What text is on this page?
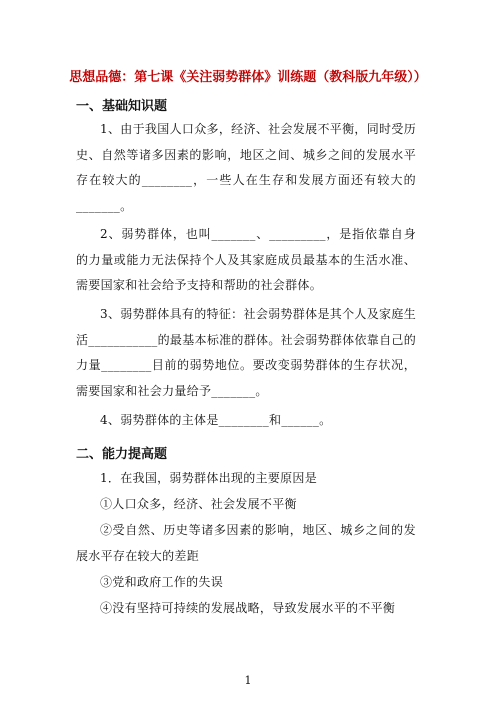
思想品德：第七课《关注弱势群体》训练题（教科版九年级））
一、基础知识题
1、由于我国人口众多，经济、社会发展不平衡，同时受历史、自然等诸多因素的影响，地区之间、城乡之间的发展水平存在较大的________，一些人在生存和发展方面还有较大的_______。
2、弱势群体，也叫_______、_________，是指依靠自身的力量或能力无法保持个人及其家庭成员最基本的生活水准、需要国家和社会给予支持和帮助的社会群体。
3、弱势群体具有的特征：社会弱势群体是其个人及家庭生活___________的最基本标准的群体。社会弱势群体依靠自己的力量________目前的弱势地位。要改变弱势群体的生存状况，需要国家和社会力量给予_______。
4、弱势群体的主体是________和______。
二、能力提高题
1．在我国，弱势群体出现的主要原因是
①人口众多，经济、社会发展不平衡
②受自然、历史等诸多因素的影响，地区、城乡之间的发展水平存在较大的差距
③党和政府工作的失误
④没有坚持可持续的发展战略，导致发展水平的不平衡
1
